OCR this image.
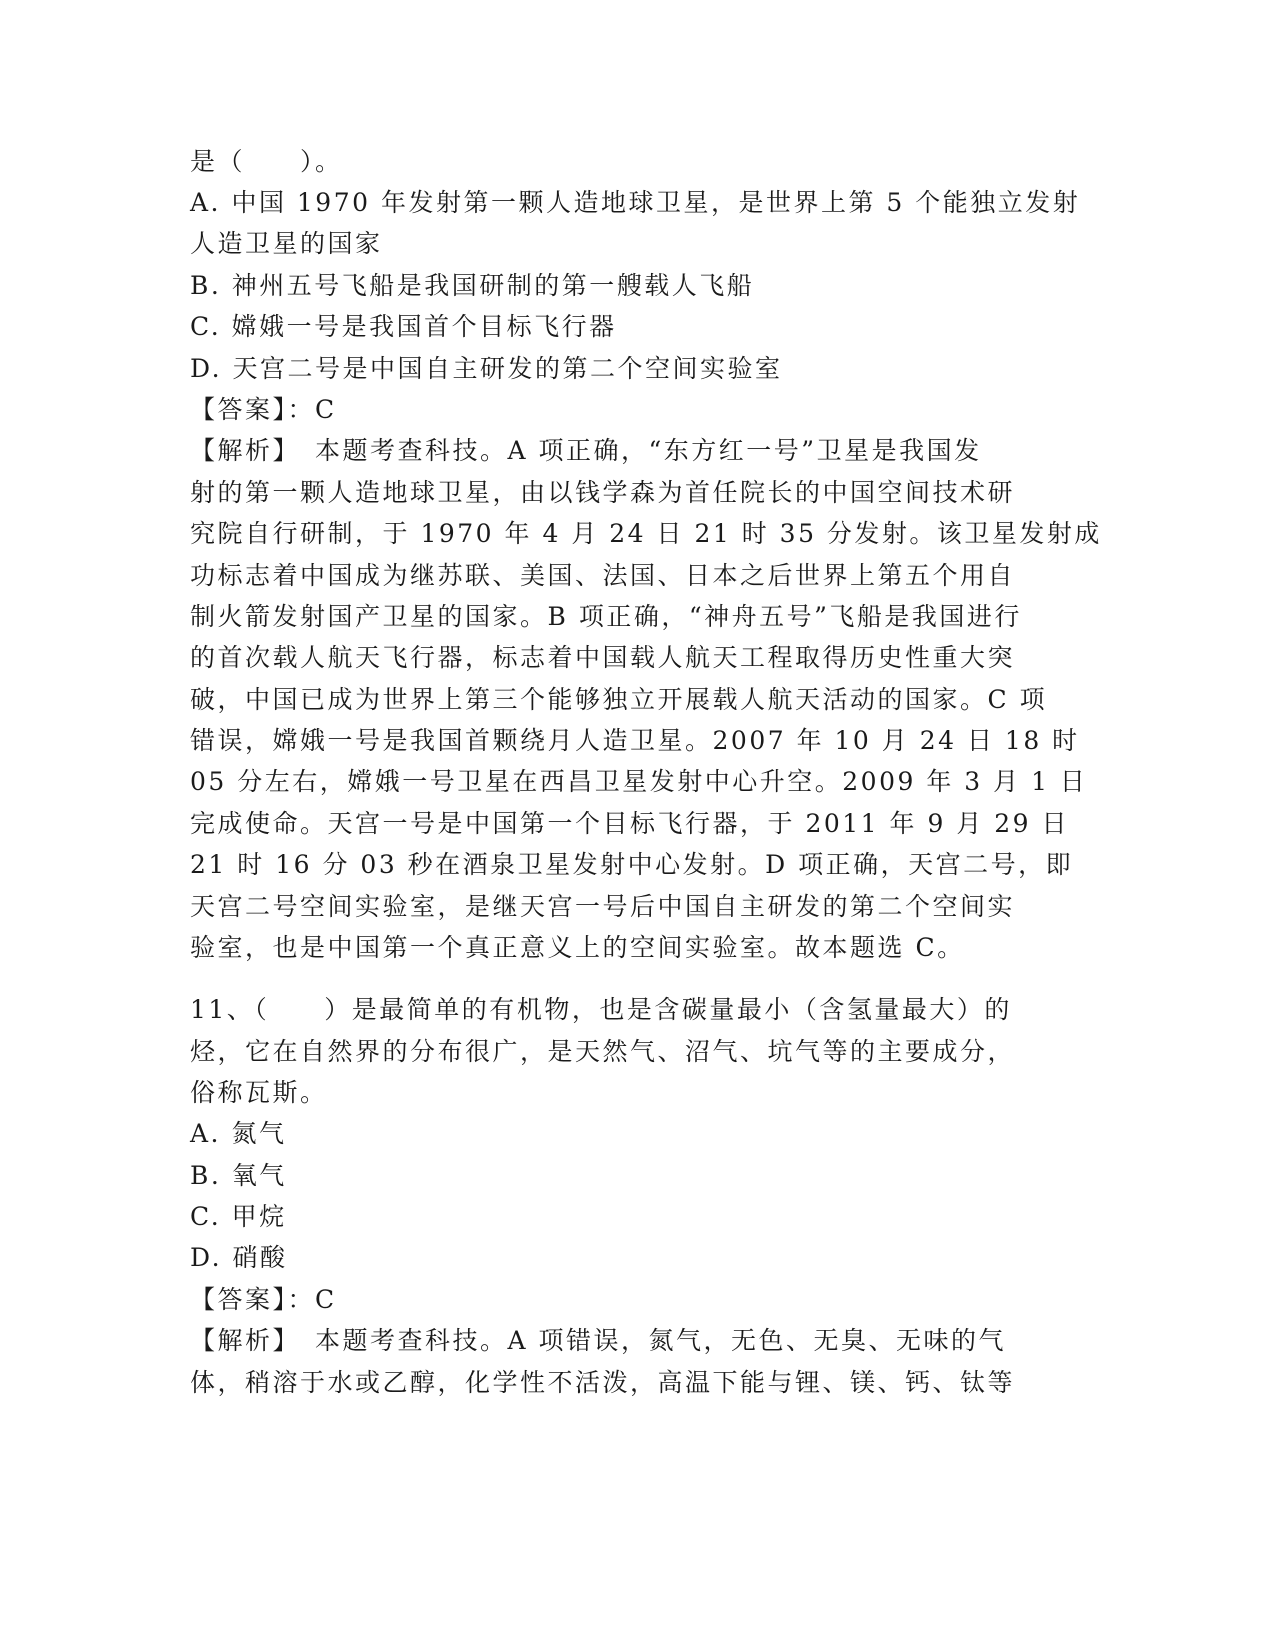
是（　　）。
A. 中国 1970 年发射第一颗人造地球卫星，是世界上第 5 个能独立发射
人造卫星的国家
B. 神州五号飞船是我国研制的第一艘载人飞船
C. 嫦娥一号是我国首个目标飞行器
D. 天宫二号是中国自主研发的第二个空间实验室
【答案】：C
【解析】　本题考查科技。A 项正确，“东方红一号”卫星是我国发
射的第一颗人造地球卫星，由以钱学森为首任院长的中国空间技术研
究院自行研制，于 1970 年 4 月 24 日 21 时 35 分发射。该卫星发射成
功标志着中国成为继苏联、美国、法国、日本之后世界上第五个用自
制火箭发射国产卫星的国家。B 项正确，“神舟五号”飞船是我国进行
的首次载人航天飞行器，标志着中国载人航天工程取得历史性重大突
破，中国已成为世界上第三个能够独立开展载人航天活动的国家。C 项
错误，嫦娥一号是我国首颗绕月人造卫星。2007 年 10 月 24 日 18 时
05 分左右，嫦娥一号卫星在西昌卫星发射中心升空。2009 年 3 月 1 日
完成使命。天宫一号是中国第一个目标飞行器，于 2011 年 9 月 29 日
21 时 16 分 03 秒在酒泉卫星发射中心发射。D 项正确，天宫二号，即
天宫二号空间实验室，是继天宫一号后中国自主研发的第二个空间实
验室，也是中国第一个真正意义上的空间实验室。故本题选 C。
11、（　　）是最简单的有机物，也是含碳量最小（含氢量最大）的
烃，它在自然界的分布很广，是天然气、沼气、坑气等的主要成分，
俗称瓦斯。
A. 氮气
B. 氧气
C. 甲烷
D. 硝酸
【答案】：C
【解析】　本题考查科技。A 项错误，氮气，无色、无臭、无味的气
体，稍溶于水或乙醇，化学性不活泼，高温下能与锂、镁、钙、钛等
